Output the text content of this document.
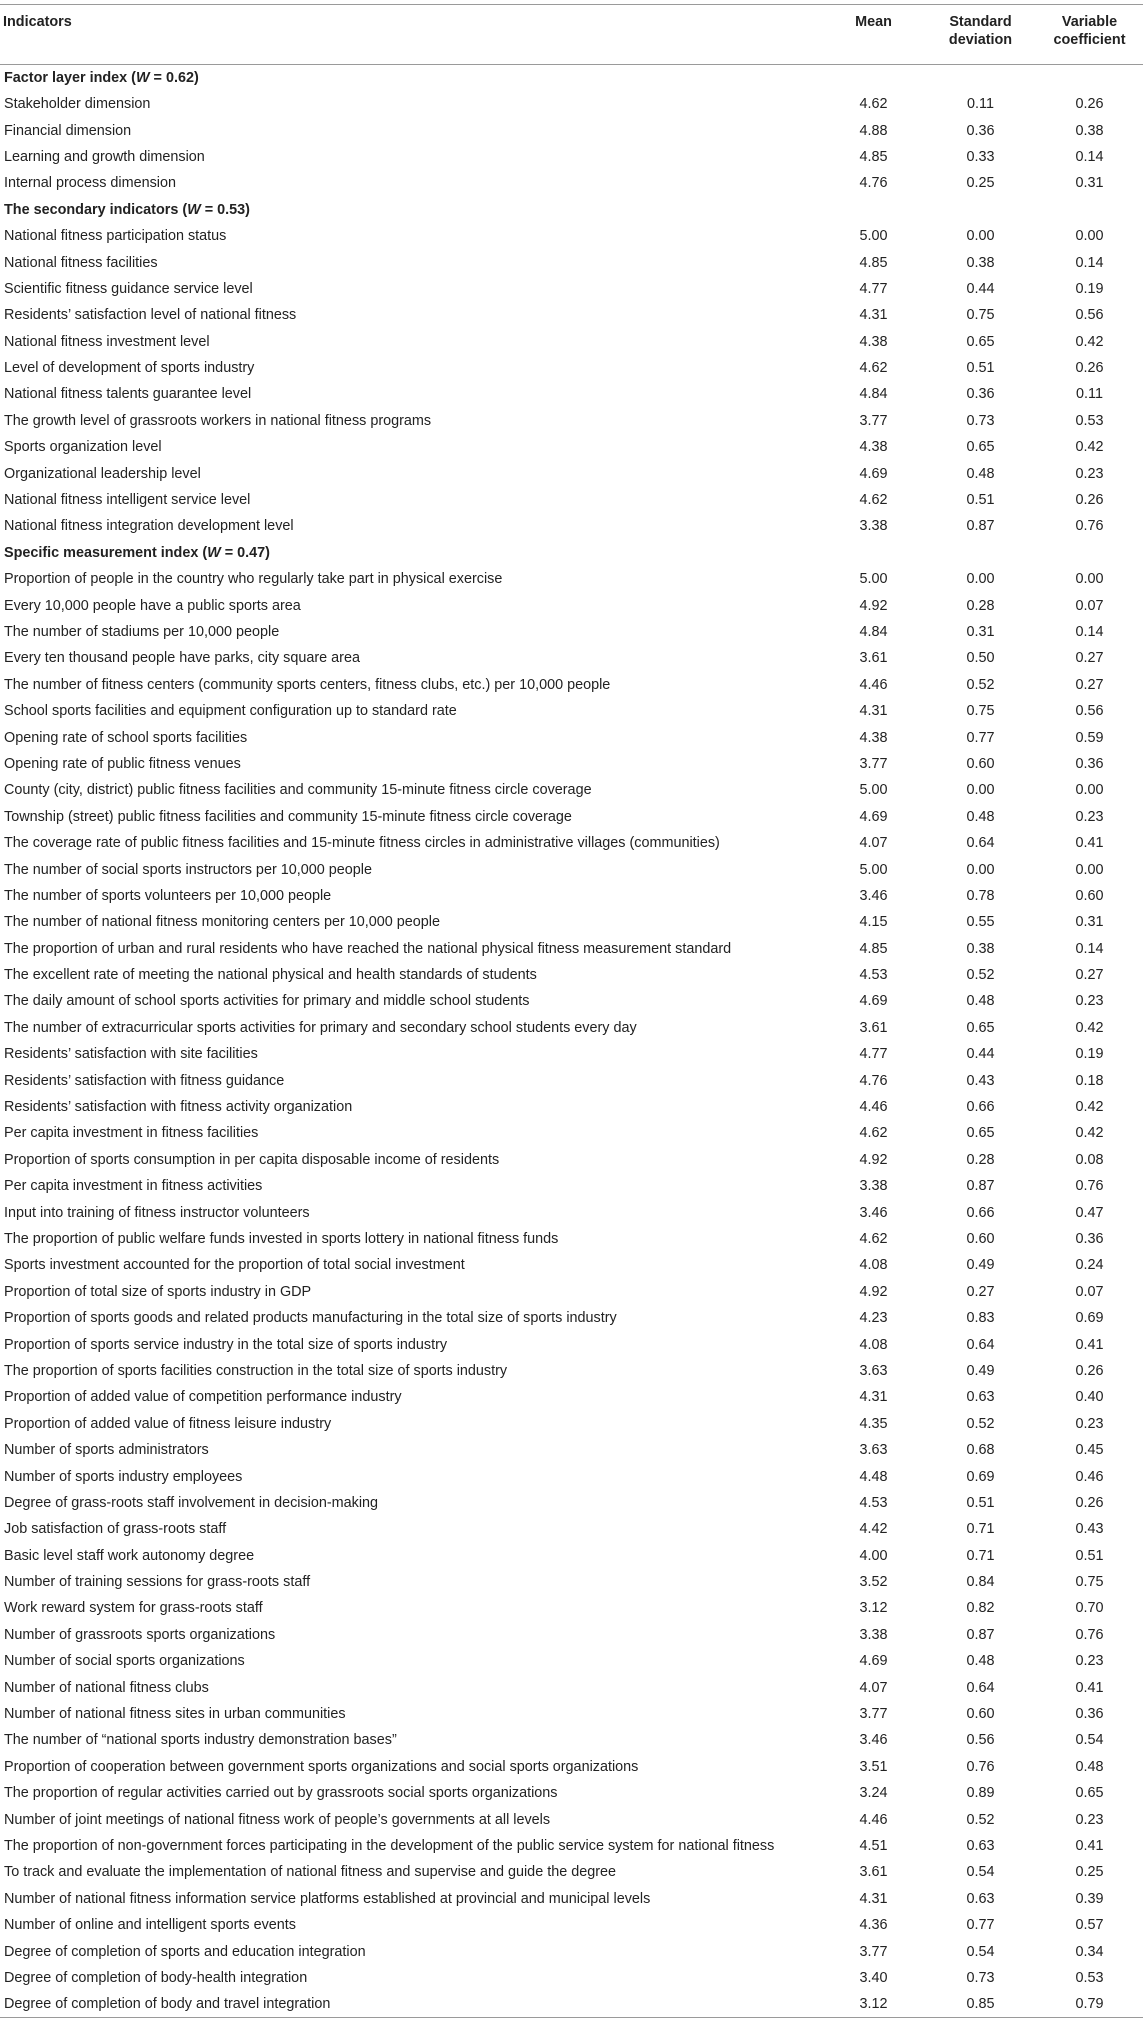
Indicators	Mean	Standard deviation	Variable coefficient
Factor layer index (W = 0.62)			
Stakeholder dimension	4.62	0.11	0.26
Financial dimension	4.88	0.36	0.38
Learning and growth dimension	4.85	0.33	0.14
Internal process dimension	4.76	0.25	0.31
The secondary indicators (W = 0.53)			
National fitness participation status	5.00	0.00	0.00
National fitness facilities	4.85	0.38	0.14
Scientific fitness guidance service level	4.77	0.44	0.19
Residents’ satisfaction level of national fitness	4.31	0.75	0.56
National fitness investment level	4.38	0.65	0.42
Level of development of sports industry	4.62	0.51	0.26
National fitness talents guarantee level	4.84	0.36	0.11
The growth level of grassroots workers in national fitness programs	3.77	0.73	0.53
Sports organization level	4.38	0.65	0.42
Organizational leadership level	4.69	0.48	0.23
National fitness intelligent service level	4.62	0.51	0.26
National fitness integration development level	3.38	0.87	0.76
Specific measurement index (W = 0.47)			
Proportion of people in the country who regularly take part in physical exercise	5.00	0.00	0.00
Every 10,000 people have a public sports area	4.92	0.28	0.07
The number of stadiums per 10,000 people	4.84	0.31	0.14
Every ten thousand people have parks, city square area	3.61	0.50	0.27
The number of fitness centers (community sports centers, fitness clubs, etc.) per 10,000 people	4.46	0.52	0.27
School sports facilities and equipment configuration up to standard rate	4.31	0.75	0.56
Opening rate of school sports facilities	4.38	0.77	0.59
Opening rate of public fitness venues	3.77	0.60	0.36
County (city, district) public fitness facilities and community 15-minute fitness circle coverage	5.00	0.00	0.00
Township (street) public fitness facilities and community 15-minute fitness circle coverage	4.69	0.48	0.23
The coverage rate of public fitness facilities and 15-minute fitness circles in administrative villages (communities)	4.07	0.64	0.41
The number of social sports instructors per 10,000 people	5.00	0.00	0.00
The number of sports volunteers per 10,000 people	3.46	0.78	0.60
The number of national fitness monitoring centers per 10,000 people	4.15	0.55	0.31
The proportion of urban and rural residents who have reached the national physical fitness measurement standard	4.85	0.38	0.14
The excellent rate of meeting the national physical and health standards of students	4.53	0.52	0.27
The daily amount of school sports activities for primary and middle school students	4.69	0.48	0.23
The number of extracurricular sports activities for primary and secondary school students every day	3.61	0.65	0.42
Residents’ satisfaction with site facilities	4.77	0.44	0.19
Residents’ satisfaction with fitness guidance	4.76	0.43	0.18
Residents’ satisfaction with fitness activity organization	4.46	0.66	0.42
Per capita investment in fitness facilities	4.62	0.65	0.42
Proportion of sports consumption in per capita disposable income of residents	4.92	0.28	0.08
Per capita investment in fitness activities	3.38	0.87	0.76
Input into training of fitness instructor volunteers	3.46	0.66	0.47
The proportion of public welfare funds invested in sports lottery in national fitness funds	4.62	0.60	0.36
Sports investment accounted for the proportion of total social investment	4.08	0.49	0.24
Proportion of total size of sports industry in GDP	4.92	0.27	0.07
Proportion of sports goods and related products manufacturing in the total size of sports industry	4.23	0.83	0.69
Proportion of sports service industry in the total size of sports industry	4.08	0.64	0.41
The proportion of sports facilities construction in the total size of sports industry	3.63	0.49	0.26
Proportion of added value of competition performance industry	4.31	0.63	0.40
Proportion of added value of fitness leisure industry	4.35	0.52	0.23
Number of sports administrators	3.63	0.68	0.45
Number of sports industry employees	4.48	0.69	0.46
Degree of grass-roots staff involvement in decision-making	4.53	0.51	0.26
Job satisfaction of grass-roots staff	4.42	0.71	0.43
Basic level staff work autonomy degree	4.00	0.71	0.51
Number of training sessions for grass-roots staff	3.52	0.84	0.75
Work reward system for grass-roots staff	3.12	0.82	0.70
Number of grassroots sports organizations	3.38	0.87	0.76
Number of social sports organizations	4.69	0.48	0.23
Number of national fitness clubs	4.07	0.64	0.41
Number of national fitness sites in urban communities	3.77	0.60	0.36
The number of “national sports industry demonstration bases”	3.46	0.56	0.54
Proportion of cooperation between government sports organizations and social sports organizations	3.51	0.76	0.48
The proportion of regular activities carried out by grassroots social sports organizations	3.24	0.89	0.65
Number of joint meetings of national fitness work of people’s governments at all levels	4.46	0.52	0.23
The proportion of non-government forces participating in the development of the public service system for national fitness	4.51	0.63	0.41
To track and evaluate the implementation of national fitness and supervise and guide the degree	3.61	0.54	0.25
Number of national fitness information service platforms established at provincial and municipal levels	4.31	0.63	0.39
Number of online and intelligent sports events	4.36	0.77	0.57
Degree of completion of sports and education integration	3.77	0.54	0.34
Degree of completion of body-health integration	3.40	0.73	0.53
Degree of completion of body and travel integration	3.12	0.85	0.79
